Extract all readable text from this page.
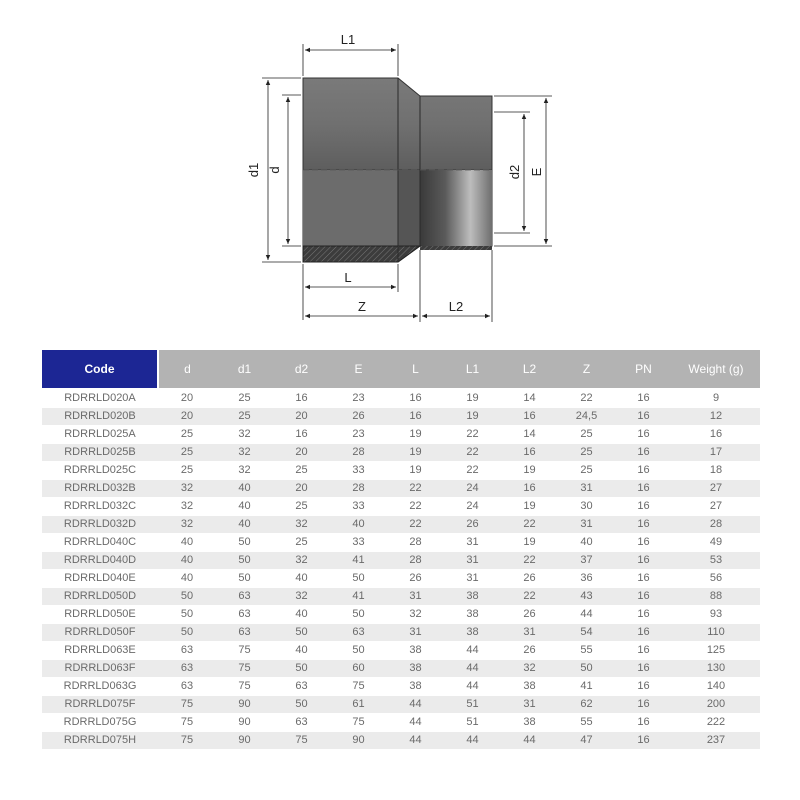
L1
L
Z	L2
d1 d	d2 E
Code	d	d1	d2	E	L	L1	L2	Z	PN	Weight (g)
RDRRLD020A	20	25	16	23	16	19	14	22	16	9
RDRRLD020B	20	25	20	26	16	19	16	24,5	16	12
RDRRLD025A	25	32	16	23	19	22	14	25	16	16
RDRRLD025B	25	32	20	28	19	22	16	25	16	17
RDRRLD025C	25	32	25	33	19	22	19	25	16	18
RDRRLD032B	32	40	20	28	22	24	16	31	16	27
RDRRLD032C	32	40	25	33	22	24	19	30	16	27
RDRRLD032D	32	40	32	40	22	26	22	31	16	28
RDRRLD040C	40	50	25	33	28	31	19	40	16	49
RDRRLD040D	40	50	32	41	28	31	22	37	16	53
RDRRLD040E	40	50	40	50	26	31	26	36	16	56
RDRRLD050D	50	63	32	41	31	38	22	43	16	88
RDRRLD050E	50	63	40	50	32	38	26	44	16	93
RDRRLD050F	50	63	50	63	31	38	31	54	16	110
RDRRLD063E	63	75	40	50	38	44	26	55	16	125
RDRRLD063F	63	75	50	60	38	44	32	50	16	130
RDRRLD063G	63	75	63	75	38	44	38	41	16	140
RDRRLD075F	75	90	50	61	44	51	31	62	16	200
RDRRLD075G	75	90	63	75	44	51	38	55	16	222
RDRRLD075H	75	90	75	90	44	44	44	47	16	237
